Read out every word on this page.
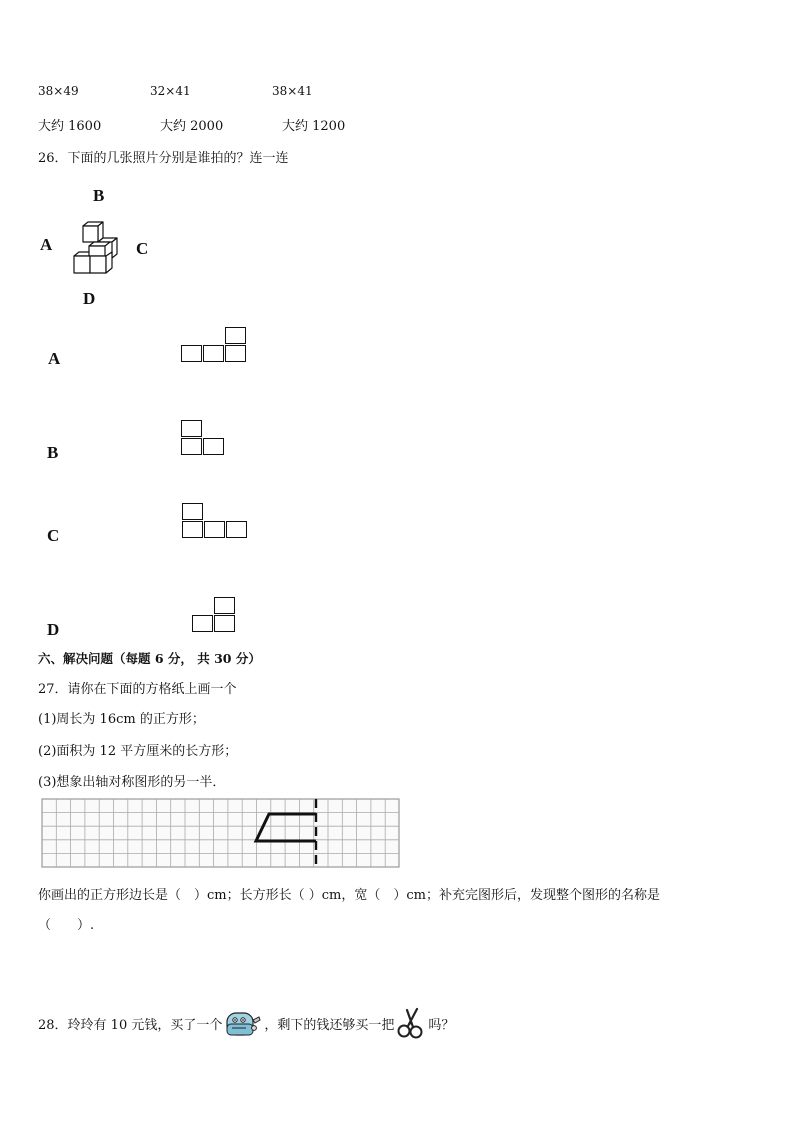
38×49	32×41	38×41
大约 1600	大约 2000	大约 1200
26．下面的几张照片分别是谁拍的？连一连
B
A	C
D
A
B
C
D
六、解决问题（每题 6 分， 共 30 分）
27．请你在下面的方格纸上画一个
(1)周长为 16cm 的正方形；
(2)面积为 12 平方厘米的长方形；
(3)想象出轴对称图形的另一半．
你画出的正方形边长是（　）cm；长方形长（ ）cm，宽（　）cm；补充完图形后，发现整个图形的名称是
（　　）.
28．玲玲有 10 元钱，买了一个	，剩下的钱还够买一把	吗？
